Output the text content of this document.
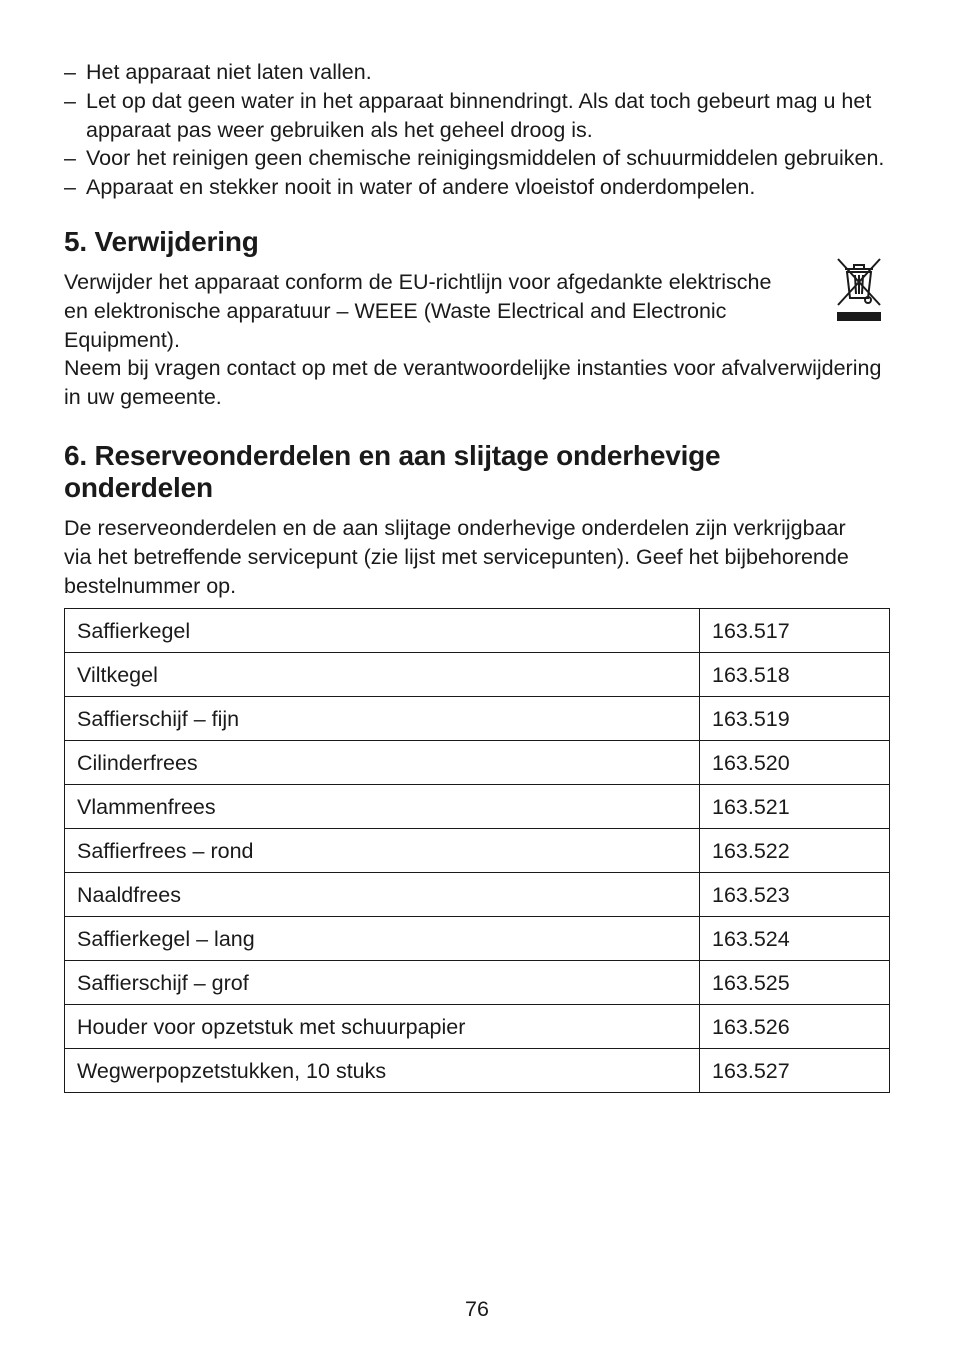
– Het apparaat niet laten vallen.
– Let op dat geen water in het apparaat binnendringt. Als dat toch gebeurt mag u het apparaat pas weer gebruiken als het geheel droog is.
– Voor het reinigen geen chemische reinigingsmiddelen of schuurmiddelen gebruiken.
– Apparaat en stekker nooit in water of andere vloeistof onderdompelen.
5. Verwijdering

Verwijder het apparaat conform de EU-richtlijn voor afgedankte elektrische en elektronische apparatuur – WEEE (Waste Electrical and Electronic Equipment).

Neem bij vragen contact op met de verantwoordelijke instanties voor afvalverwijdering in uw gemeente.

6. Reserveonderdelen en aan slijtage onderhevige onderdelen

De reserveonderdelen en de aan slijtage onderhevige onderdelen zijn verkrijgbaar via het betreffende servicepunt (zie lijst met servicepunten). Geef het bijbehorende bestelnummer op.

Saffierkegel	163.517
Viltkegel	163.518
Saffierschijf – fijn	163.519
Cilinderfrees	163.520
Vlammenfrees	163.521
Saffierfrees – rond	163.522
Naaldfrees	163.523
Saffierkegel – lang	163.524
Saffierschijf – grof	163.525
Houder voor opzetstuk met schuurpapier	163.526
Wegwerpopzetstukken, 10 stuks	163.527
76
